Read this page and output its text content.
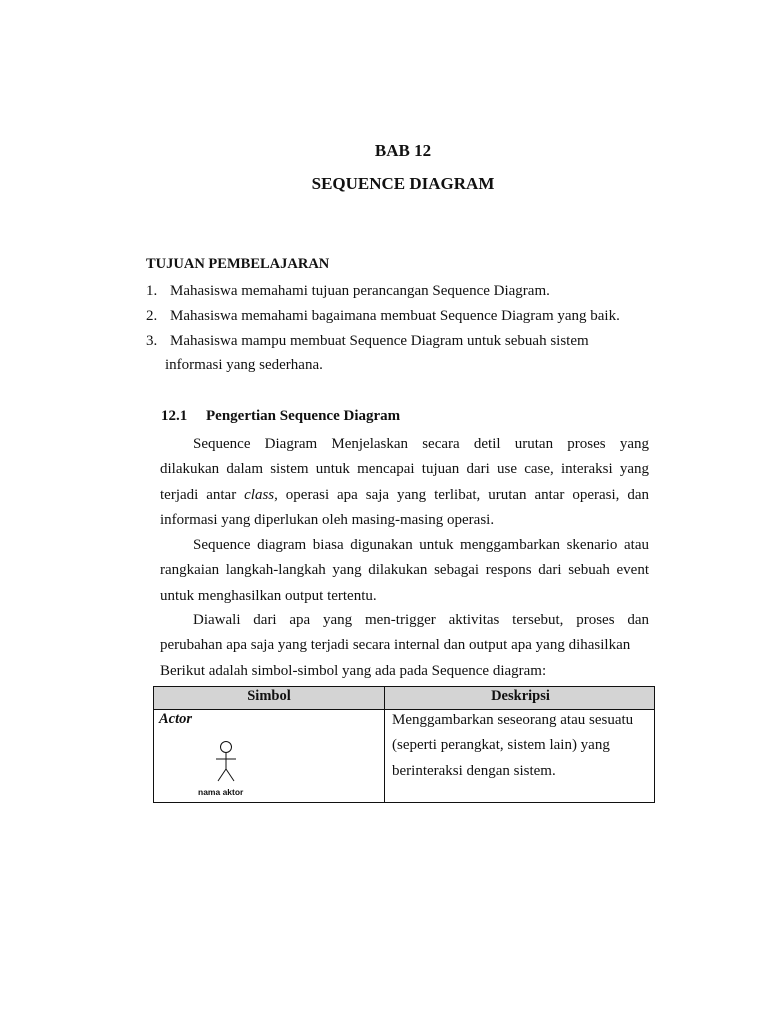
BAB 12
SEQUENCE DIAGRAM
TUJUAN PEMBELAJARAN
1. Mahasiswa memahami tujuan perancangan Sequence Diagram.
2. Mahasiswa memahami bagaimana membuat Sequence Diagram yang baik.
3. Mahasiswa mampu membuat Sequence Diagram untuk sebuah sistem
informasi yang sederhana.
12.1 Pengertian Sequence Diagram
Sequence Diagram Menjelaskan secara detil urutan proses yang
dilakukan dalam sistem untuk mencapai tujuan dari use case, interaksi yang
terjadi antar class, operasi apa saja yang terlibat, urutan antar operasi, dan
informasi yang diperlukan oleh masing-masing operasi.
Sequence diagram biasa digunakan untuk menggambarkan skenario atau
rangkaian langkah-langkah yang dilakukan sebagai respons dari sebuah event
untuk menghasilkan output tertentu.
Diawali dari apa yang men-trigger aktivitas tersebut, proses dan
perubahan apa saja yang terjadi secara internal dan output apa yang dihasilkan
Berikut adalah simbol-simbol yang ada pada Sequence diagram:
Simbol	Deskripsi
Actor
nama aktor
Menggambarkan seseorang atau sesuatu
(seperti perangkat, sistem lain) yang
berinteraksi dengan sistem.
